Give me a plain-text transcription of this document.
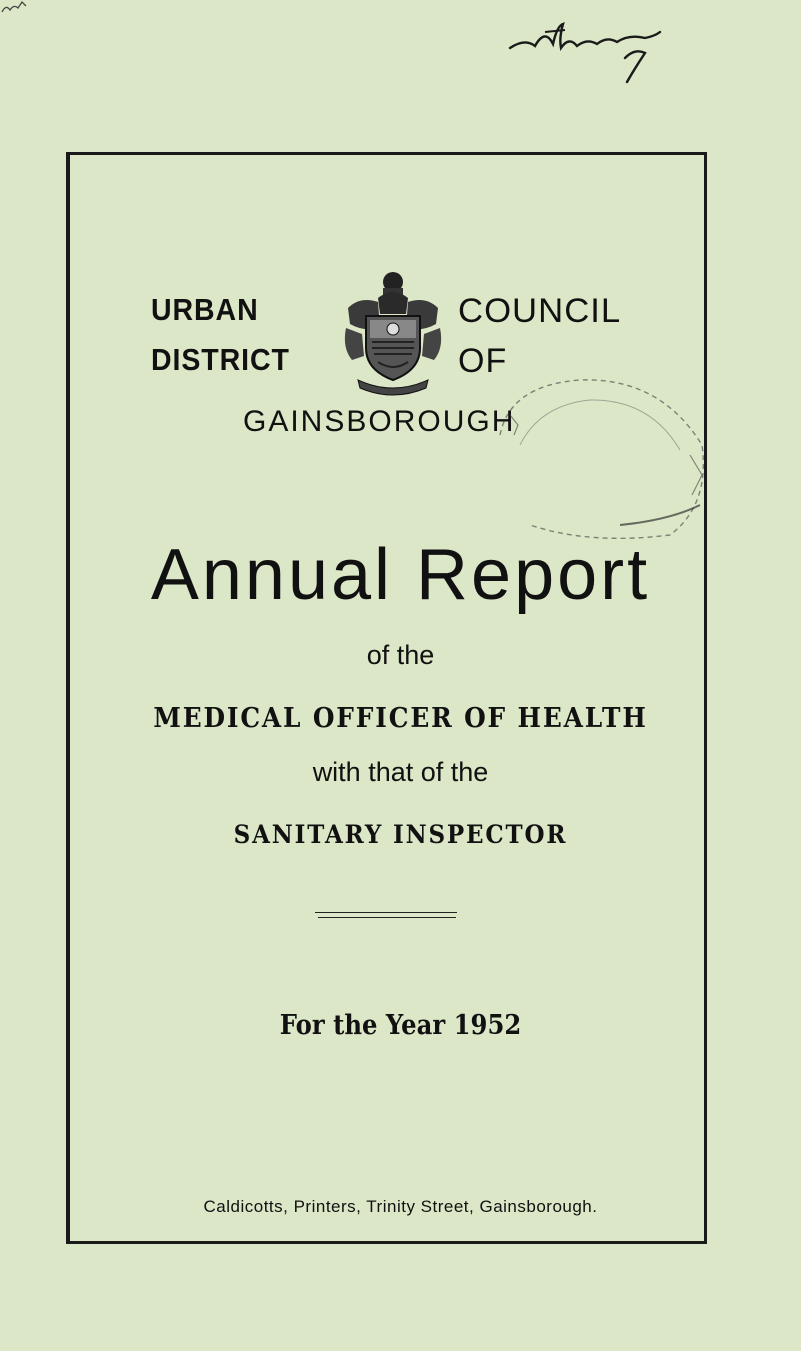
URBAN
DISTRICT
COUNCIL
OF
GAINSBOROUGH
Annual Report
of the
MEDICAL OFFICER OF HEALTH
with that of the
SANITARY INSPECTOR
For the Year 1952
Caldicotts, Printers, Trinity Street, Gainsborough.
